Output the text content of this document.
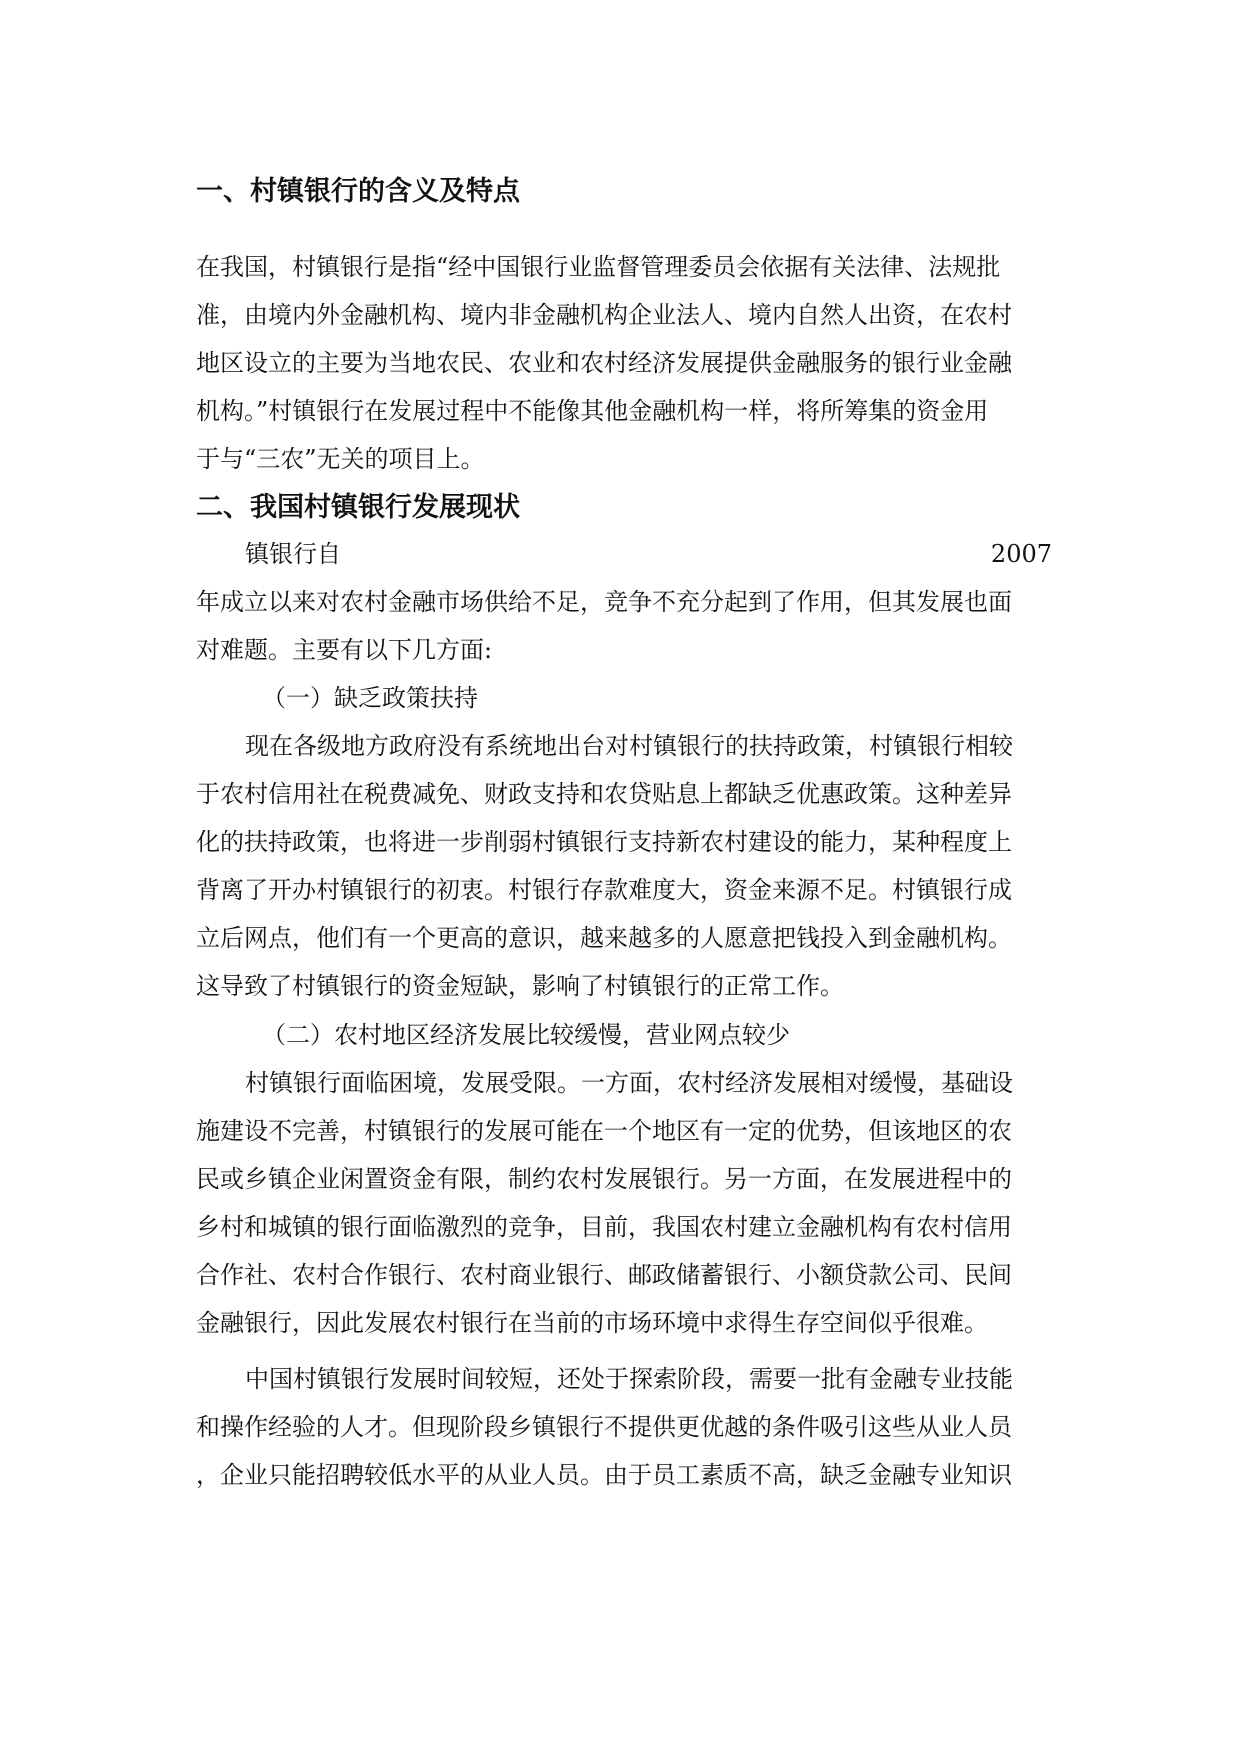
一、村镇银行的含义及特点

在我国，村镇银行是指“经中国银行业监督管理委员会依据有关法律、法规批

准，由境内外金融机构、境内非金融机构企业法人、境内自然人出资，在农村

地区设立的主要为当地农民、农业和农村经济发展提供金融服务的银行业金融

机构。”村镇银行在发展过程中不能像其他金融机构一样，将所筹集的资金用

于与“三农”无关的项目上。

二、我国村镇银行发展现状

镇银行自	2007

年成立以来对农村金融市场供给不足，竞争不充分起到了作用，但其发展也面

对难题。主要有以下几方面:

（一）缺乏政策扶持

现在各级地方政府没有系统地出台对村镇银行的扶持政策，村镇银行相较

于农村信用社在税费减免、财政支持和农贷贴息上都缺乏优惠政策。这种差异

化的扶持政策，也将进一步削弱村镇银行支持新农村建设的能力，某种程度上

背离了开办村镇银行的初衷。村银行存款难度大，资金来源不足。村镇银行成

立后网点，他们有一个更高的意识，越来越多的人愿意把钱投入到金融机构。

这导致了村镇银行的资金短缺，影响了村镇银行的正常工作。

（二）农村地区经济发展比较缓慢，营业网点较少

村镇银行面临困境，发展受限。一方面，农村经济发展相对缓慢，基础设

施建设不完善，村镇银行的发展可能在一个地区有一定的优势，但该地区的农

民或乡镇企业闲置资金有限，制约农村发展银行。另一方面，在发展进程中的

乡村和城镇的银行面临激烈的竞争，目前，我国农村建立金融机构有农村信用

合作社、农村合作银行、农村商业银行、邮政储蓄银行、小额贷款公司、民间

金融银行，因此发展农村银行在当前的市场环境中求得生存空间似乎很难。

中国村镇银行发展时间较短，还处于探索阶段，需要一批有金融专业技能

和操作经验的人才。但现阶段乡镇银行不提供更优越的条件吸引这些从业人员

，企业只能招聘较低水平的从业人员。由于员工素质不高，缺乏金融专业知识
